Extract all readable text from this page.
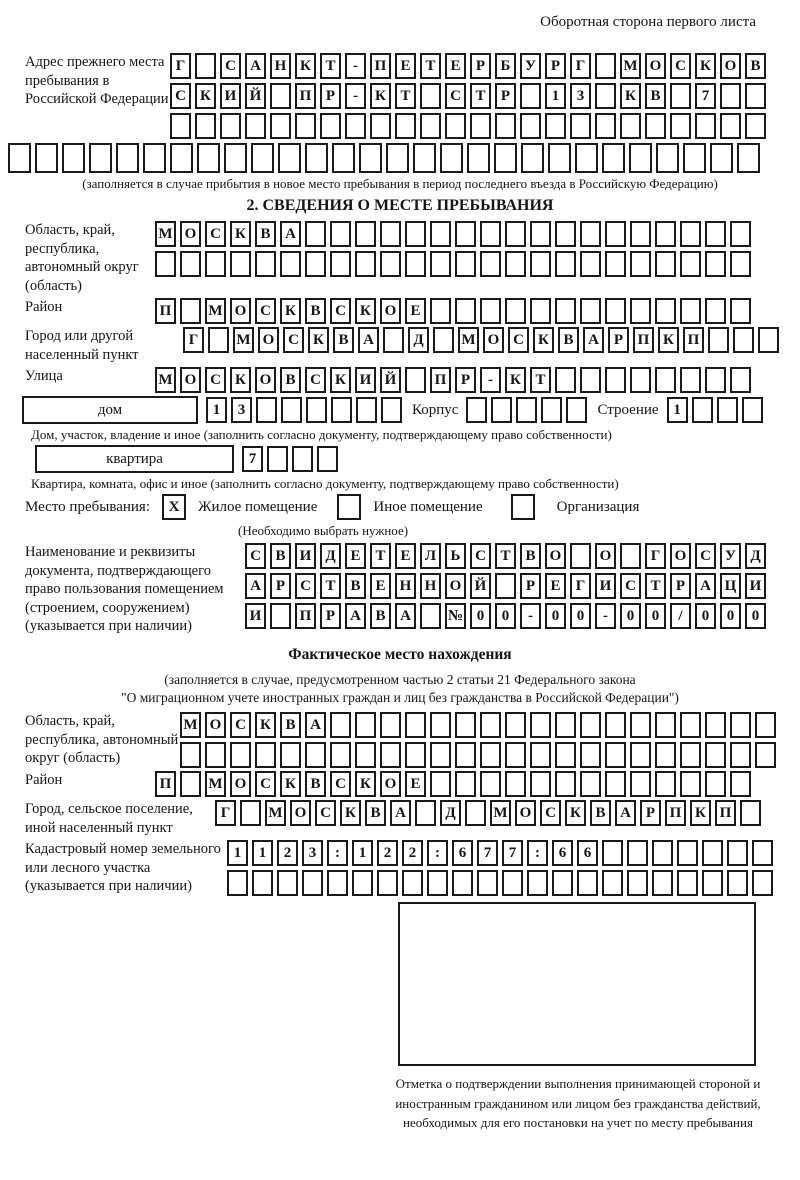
Оборотная сторона первого листа
Адрес прежнего места пребывания в Российской Федерации
Г	С А Н К Т	-	П Е Т Е	Р	Б У Р	Г	М О С К О В
С К И Й	П Р	-	К Т	С Т	Р	1	3	К В	7
(заполняется в случае прибытия в новое место пребывания в период последнего въезда в Российскую Федерацию)
2. СВЕДЕНИЯ О МЕСТЕ ПРЕБЫВАНИЯ
Область, край, республика, автономный округ (область)
М О С К В А
Район	П	М О С К В С К О Е
Город или другой населенный пункт
Г	М О С К В А	Д	М О С К В А Р П К П
Улица	М О С К О В С К И Й	П Р	-	К Т
дом	1	3	Корпус	Строение 1
Дом, участок, владение и иное (заполнить согласно документу, подтверждающему право собственности)
квартира	7
Квартира, комната, офис и иное (заполнить согласно документу, подтверждающему право собственности)
Место пребывания:	X	Жилое помещение	Иное помещение	Организация
(Необходимо выбрать нужное)
Наименование и реквизиты документа, подтверждающего право пользования помещением (строением, сооружением) (указывается при наличии)
С В И Д Е Т Е Л Ь С Т В О	О	Г О С У Д
А Р	С Т В Е Н Н О Й	Р	Е	Г И С Т	Р	А Ц И
И	П Р	А В А	№ 0	0	-	0	0	-	0	0	/	0	0	0
Фактическое место нахождения
(заполняется в случае, предусмотренном частью 2 статьи 21 Федерального закона
"О миграционном учете иностранных граждан и лиц без гражданства в Российской Федерации")
Область, край, республика, автономный округ (область)
М О С К В А
Район	П	М О С К В С К О Е
Город, сельское поселение, иной населенный пункт
Г	М О С К В А	Д	М О С К В А Р П К П
Кадастровый номер земельного или лесного участка (указывается при наличии)
1	1	2	3	:	1	2	2	:	6	7	7	:	6	6
Отметка о подтверждении выполнения принимающей стороной и иностранным гражданином или лицом без гражданства действий, необходимых для его постановки на учет по месту пребывания
